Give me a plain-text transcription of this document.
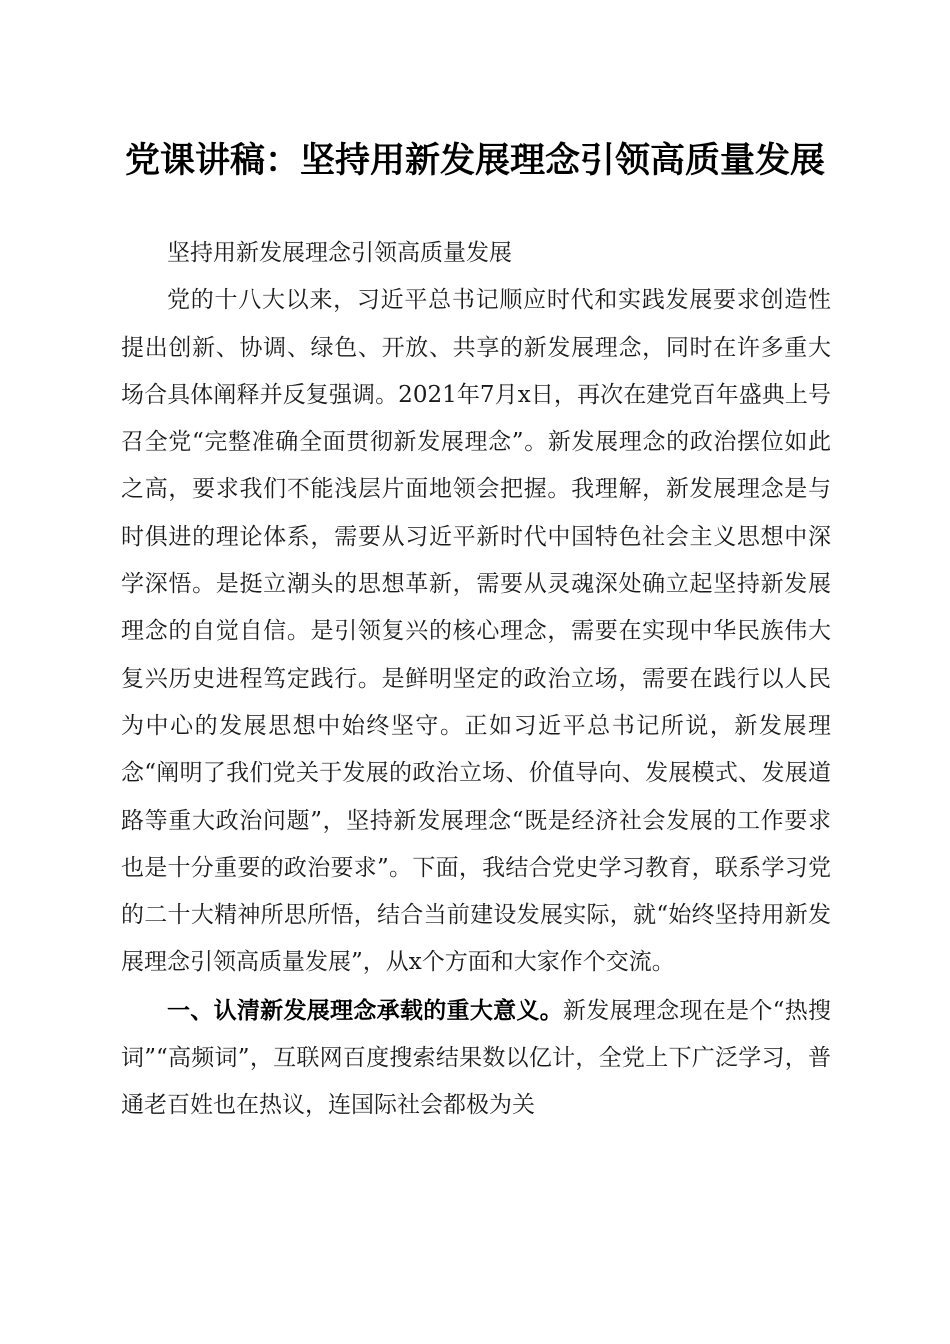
党课讲稿：坚持用新发展理念引领高质量发展

坚持用新发展理念引领高质量发展

党的十八大以来，习近平总书记顺应时代和实践发展要求创造性提出创新、协调、绿色、开放、共享的新发展理念，同时在许多重大场合具体阐释并反复强调。2021年7月x日，再次在建党百年盛典上号召全党“完整准确全面贯彻新发展理念”。新发展理念的政治摆位如此之高，要求我们不能浅层片面地领会把握。我理解，新发展理念是与时俱进的理论体系，需要从习近平新时代中国特色社会主义思想中深学深悟。是挺立潮头的思想革新，需要从灵魂深处确立起坚持新发展理念的自觉自信。是引领复兴的核心理念，需要在实现中华民族伟大复兴历史进程笃定践行。是鲜明坚定的政治立场，需要在践行以人民为中心的发展思想中始终坚守。正如习近平总书记所说，新发展理念“阐明了我们党关于发展的政治立场、价值导向、发展模式、发展道路等重大政治问题”，坚持新发展理念“既是经济社会发展的工作要求也是十分重要的政治要求”。下面，我结合党史学习教育，联系学习党的二十大精神所思所悟，结合当前建设发展实际，就“始终坚持用新发展理念引领高质量发展”，从x个方面和大家作个交流。

一、认清新发展理念承载的重大意义。新发展理念现在是个“热搜词”“高频词”，互联网百度搜索结果数以亿计，全党上下广泛学习，普通老百姓也在热议，连国际社会都极为关
